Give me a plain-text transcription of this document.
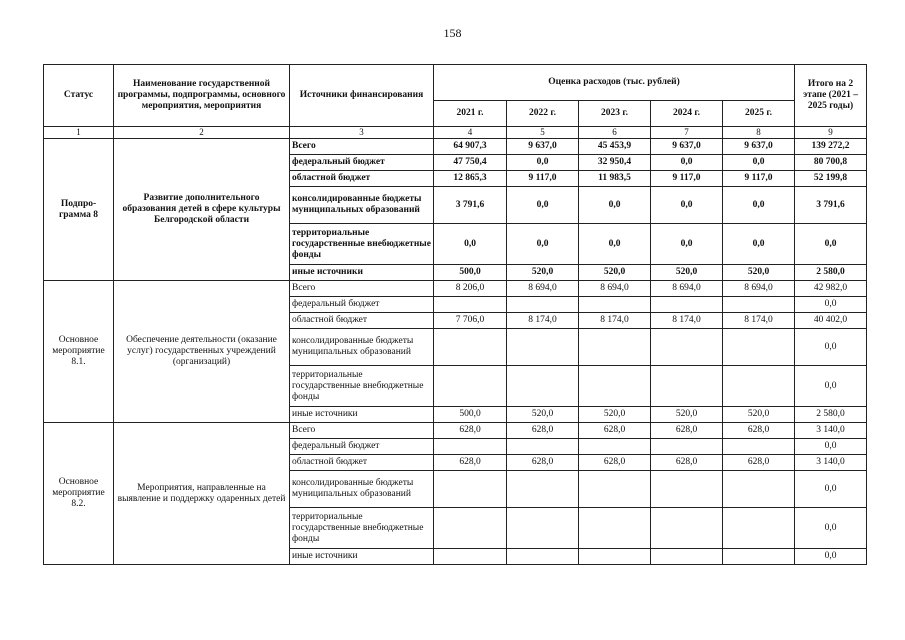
158
Статус	Наименование государственной программы, подпрограммы, основного мероприятия, мероприятия	Источники финансирования	Оценка расходов (тыс. рублей)					Итого на 2 этапе (2021 – 2025 годы)
			2021 г.	2022 г.	2023 г.	2024 г.	2025 г.	
1	2	3	4	5	6	7	8	9
Подпро-грамма 8	Развитие дополнительного образования детей в сфере культуры Белгородской области	Всего	64 907,3	9 637,0	45 453,9	9 637,0	9 637,0	139 272,2
		федеральный бюджет	47 750,4	0,0	32 950,4	0,0	0,0	80 700,8
		областной бюджет	12 865,3	9 117,0	11 983,5	9 117,0	9 117,0	52 199,8
		консолидированные бюджеты муниципальных образований	3 791,6	0,0	0,0	0,0	0,0	3 791,6
		территориальные государственные внебюджетные фонды	0,0	0,0	0,0	0,0	0,0	0,0
		иные источники	500,0	520,0	520,0	520,0	520,0	2 580,0
Основное мероприятие 8.1.	Обеспечение деятельности (оказание услуг) государственных учреждений (организаций)	Всего	8 206,0	8 694,0	8 694,0	8 694,0	8 694,0	42 982,0
		федеральный бюджет						0,0
		областной бюджет	7 706,0	8 174,0	8 174,0	8 174,0	8 174,0	40 402,0
		консолидированные бюджеты муниципальных образований						0,0
		территориальные государственные внебюджетные фонды						0,0
		иные источники	500,0	520,0	520,0	520,0	520,0	2 580,0
Основное мероприятие 8.2.	Мероприятия, направленные на выявление и поддержку одаренных детей	Всего	628,0	628,0	628,0	628,0	628,0	3 140,0
		федеральный бюджет						0,0
		областной бюджет	628,0	628,0	628,0	628,0	628,0	3 140,0
		консолидированные бюджеты муниципальных образований						0,0
		территориальные государственные внебюджетные фонды						0,0
		иные источники						0,0
